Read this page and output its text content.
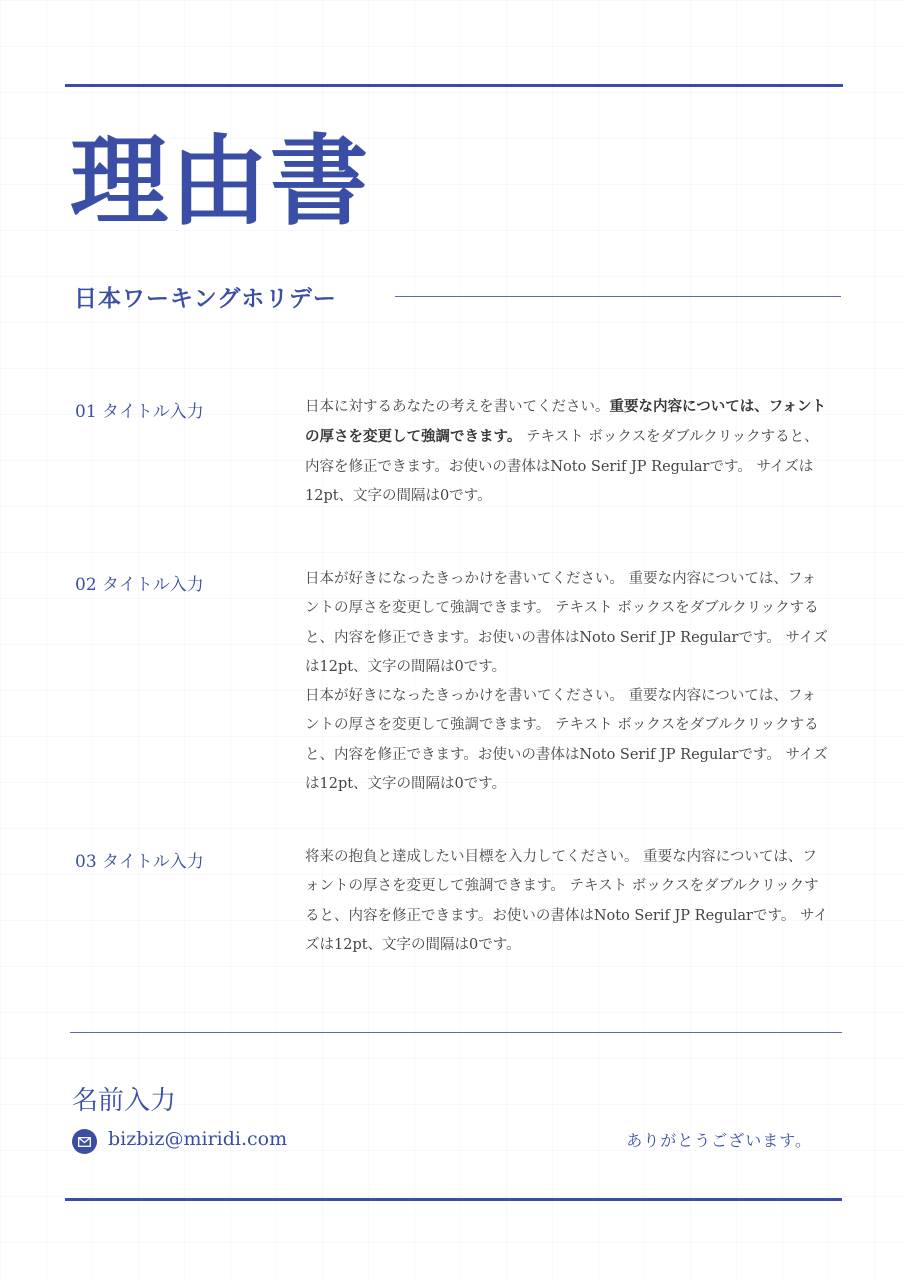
理由書
日本ワーキングホリデー
01 タイトル入力	日本に対するあなたの考えを書いてください。重要な内容については、フォントの厚さを変更して強調できます。 テキスト ボックスをダブルクリックすると、内容を修正できます。お使いの書体はNoto Serif JP Regularです。 サイズは12pt、文字の間隔は0です。
02 タイトル入力	日本が好きになったきっかけを書いてください。 重要な内容については、フォントの厚さを変更して強調できます。 テキスト ボックスをダブルクリックすると、内容を修正できます。お使いの書体はNoto Serif JP Regularです。 サイズは12pt、文字の間隔は0です。
日本が好きになったきっかけを書いてください。 重要な内容については、フォントの厚さを変更して強調できます。 テキスト ボックスをダブルクリックすると、内容を修正できます。お使いの書体はNoto Serif JP Regularです。 サイズは12pt、文字の間隔は0です。
03 タイトル入力	将来の抱負と達成したい目標を入力してください。 重要な内容については、フォントの厚さを変更して強調できます。 テキスト ボックスをダブルクリックすると、内容を修正できます。お使いの書体はNoto Serif JP Regularです。 サイズは12pt、文字の間隔は0です。
名前入力
bizbiz@miridi.com	ありがとうございます。
